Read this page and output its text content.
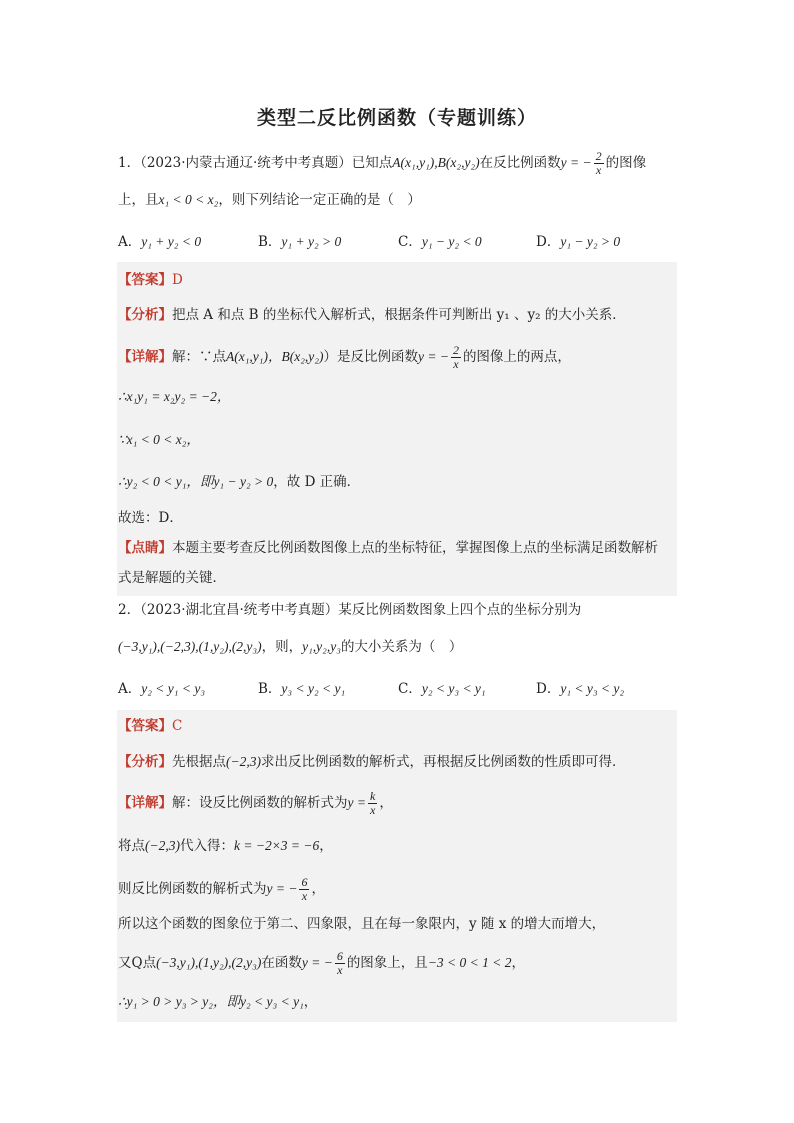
类型二反比例函数（专题训练）
1．（2023·内蒙古通辽·统考中考真题）已知点A(x₁,y₁),B(x₂,y₂)在反比例函数y = − $\frac{2}{x}$ 的图像
上，且x₁ < 0 < x₂，则下列结论一定正确的是（　）
A．y₁ + y₂ < 0	B．y₁ + y₂ > 0	C．y₁ − y₂ < 0	D．y₁ − y₂ > 0
【答案】D
【分析】把点 A 和点 B 的坐标代入解析式，根据条件可判断出 y₁ 、y₂ 的大小关系．
【详解】解：∵点A(x₁,y₁)，B(x₂,y₂)）是反比例函数y = − $\frac{2}{x}$ 的图像上的两点，
∴x₁y₁ = x₂y₂ = −2，
∵x₁ < 0 < x₂，
∴y₂ < 0 < y₁，即y₁ − y₂ > 0，故 D 正确．
故选：D．
【点睛】本题主要考查反比例函数图像上点的坐标特征，掌握图像上点的坐标满足函数解析
式是解题的关键．
2．（2023·湖北宜昌·统考中考真题）某反比例函数图象上四个点的坐标分别为
(−3,y₁),(−2,3),(1,y₂),(2,y₃)，则，y₁,y₂,y₃的大小关系为（　）
A．y₂ < y₁ < y₃	B．y₃ < y₂ < y₁	C．y₂ < y₃ < y₁	D．y₁ < y₃ < y₂
【答案】C
【分析】先根据点(−2,3)求出反比例函数的解析式，再根据反比例函数的性质即可得．
【详解】解：设反比例函数的解析式为$y = \frac{k}{x}$ ，
将点(−2,3)代入得：k = −2×3 = −6，
则反比例函数的解析式为y = − $\frac{6}{x}$ ，
所以这个函数的图象位于第二、四象限，且在每一象限内，y 随 x 的增大而增大，
又Q点(−3,y₁),(1,y₂),(2,y₃)在函数y = − $\frac{6}{x}$ 的图象上，且−3 < 0 < 1 < 2，
∴y₁ > 0 > y₃ > y₂，即y₂ < y₃ < y₁，
